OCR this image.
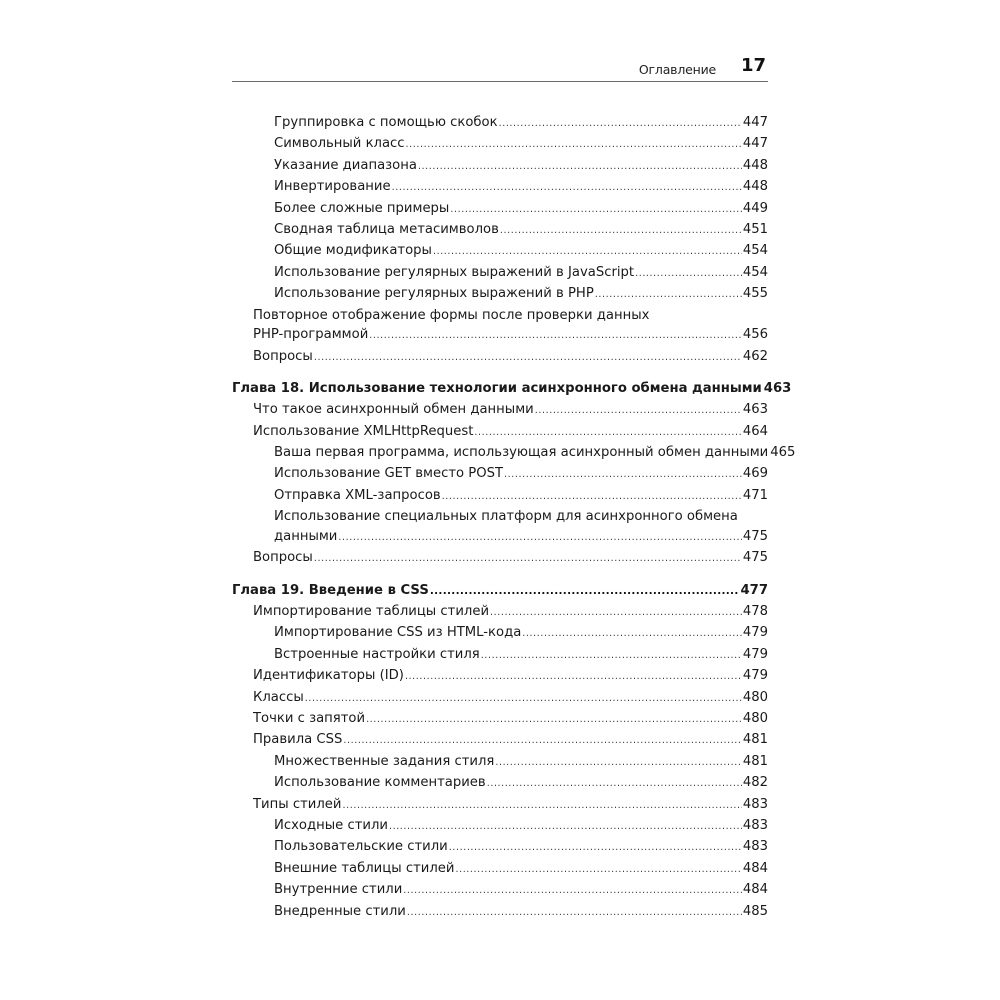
Оглавление 17
Группировка с помощью скобок .....	447
Символьный класс .....	447
Указание диапазона .....	448
Инвертирование .....	448
Более сложные примеры .....	449
Сводная таблица метасимволов .....	451
Общие модификаторы .....	454
Использование регулярных выражений в JavaScript .....	454
Использование регулярных выражений в PHP .....	455
Повторное отображение формы после проверки данных
PHP-программой .....	456
Вопросы .....	462
Глава 18. Использование технологии асинхронного обмена данными 463
Что такое асинхронный обмен данными .....	463
Использование XMLHttpRequest .....	464
Ваша первая программа, использующая асинхронный обмен данными 465
Использование GET вместо POST .....	469
Отправка XML-запросов .....	471
Использование специальных платформ для асинхронного обмена
данными .....	475
Вопросы .....	475
Глава 19. Введение в CSS .....	477
Импортирование таблицы стилей .....	478
Импортирование CSS из HTML-кода .....	479
Встроенные настройки стиля .....	479
Идентификаторы (ID) .....	479
Классы .....	480
Точки с запятой .....	480
Правила CSS .....	481
Множественные задания стиля .....	481
Использование комментариев .....	482
Типы стилей .....	483
Исходные стили .....	483
Пользовательские стили .....	483
Внешние таблицы стилей .....	484
Внутренние стили .....	484
Внедренные стили .....	485
